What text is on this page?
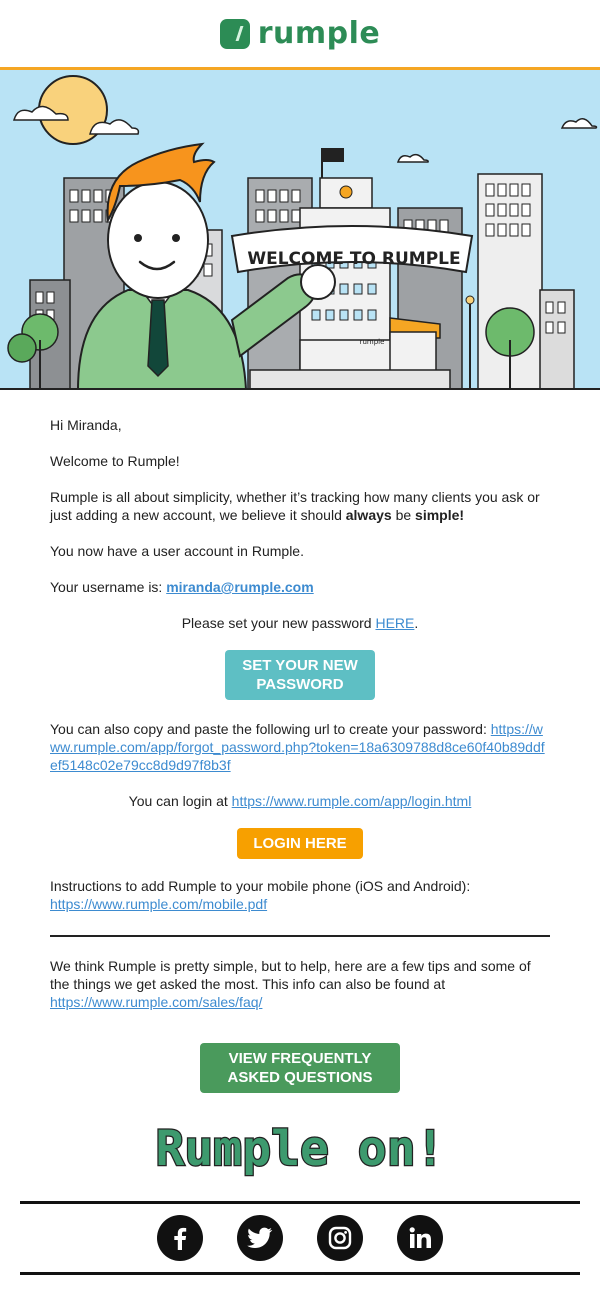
rumple
rumple
WELCOME TO RUMPLE

Hi Miranda,

Welcome to Rumple!

Rumple is all about simplicity, whether it’s tracking how many clients you ask or just adding a new account, we believe it should always be simple!

You now have a user account in Rumple.

Your username is: miranda@rumple.com

Please set your new password HERE.

SET YOUR NEW PASSWORD

You can also copy and paste the following url to create your password: https://www.rumple.com/app/forgot_password.php?token=18a6309788d8ce60f40b89ddfef5148c02e79cc8d9d97f8b3f

You can login at https://www.rumple.com/app/login.html

LOGIN HERE

Instructions to add Rumple to your mobile phone (iOS and Android):
https://www.rumple.com/mobile.pdf

We think Rumple is pretty simple, but to help, here are a few tips and some of the things we get asked the most. This info can also be found at https://www.rumple.com/sales/faq/

VIEW FREQUENTLY ASKED QUESTIONS

Rumple on!
